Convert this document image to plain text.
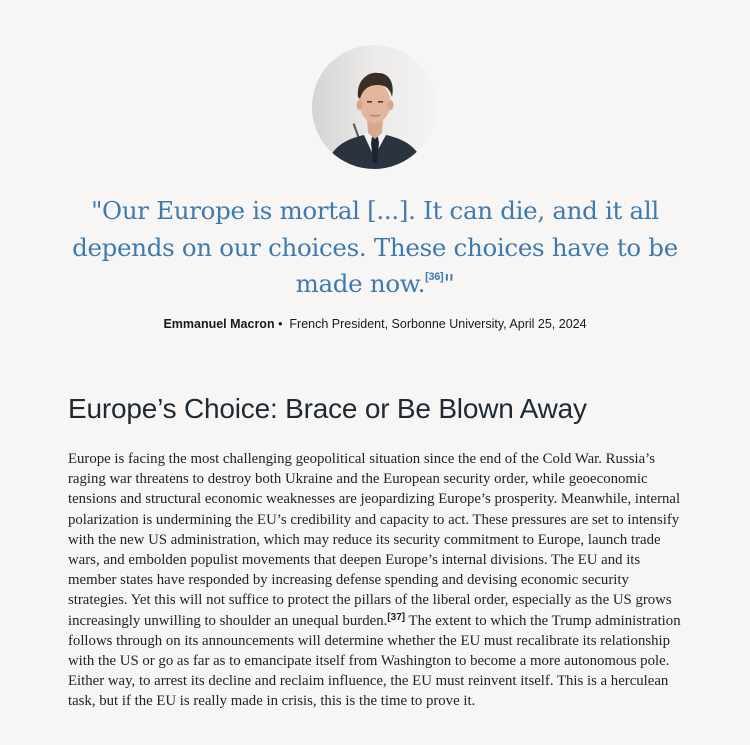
"Our Europe is mortal [...]. It can die, and it all depends on our choices. These choices have to be made now.[36]"

Emmanuel Macron • French President, Sorbonne University, April 25, 2024
Europe’s Choice: Brace or Be Blown Away

Europe is facing the most challenging geopolitical situation since the end of the Cold War. Russia’s raging war threatens to destroy both Ukraine and the European security order, while geoeconomic tensions and structural economic weaknesses are jeopardizing Europe’s prosperity. Meanwhile, internal polarization is undermining the EU’s credibility and capacity to act. These pressures are set to intensify with the new US administration, which may reduce its security commitment to Europe, launch trade wars, and embolden populist movements that deepen Europe’s internal divisions. The EU and its member states have responded by increasing defense spending and devising economic security strategies. Yet this will not suffice to protect the pillars of the liberal order, especially as the US grows increasingly unwilling to shoulder an unequal burden.[37] The extent to which the Trump administration follows through on its announcements will determine whether the EU must recalibrate its relationship with the US or go as far as to emancipate itself from Washington to become a more autonomous pole. Either way, to arrest its decline and reclaim influence, the EU must reinvent itself. This is a herculean task, but if the EU is really made in crisis, this is the time to prove it.
